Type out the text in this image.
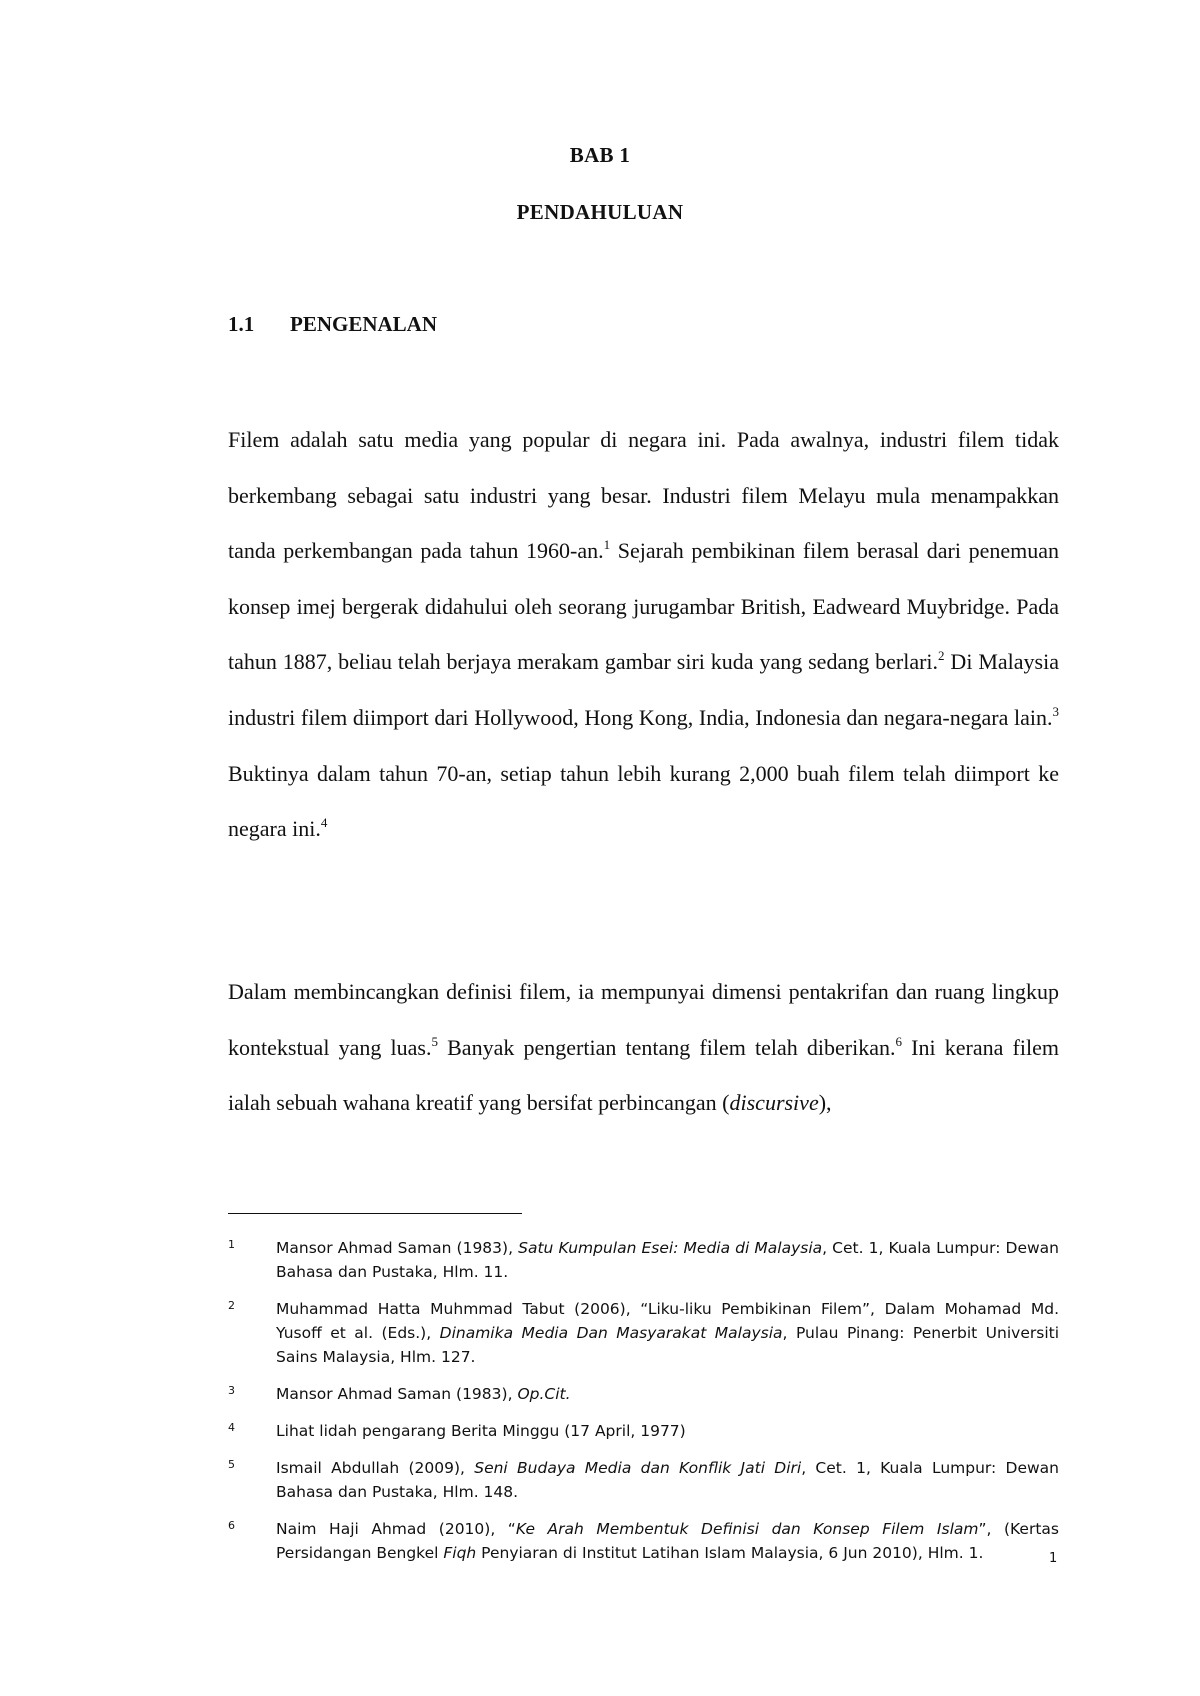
BAB 1
PENDAHULUAN
1.1 PENGENALAN

Filem adalah satu media yang popular di negara ini. Pada awalnya, industri filem tidak berkembang sebagai satu industri yang besar. Industri filem Melayu mula menampakkan tanda perkembangan pada tahun 1960-an.$^1$ Sejarah pembikinan filem berasal dari penemuan konsep imej bergerak didahului oleh seorang jurugambar British, Eadweard Muybridge. Pada tahun 1887, beliau telah berjaya merakam gambar siri kuda yang sedang berlari.$^2$ Di Malaysia industri filem diimport dari Hollywood, Hong Kong, India, Indonesia dan negara-negara lain.$^3$ Buktinya dalam tahun 70-an, setiap tahun lebih kurang 2,000 buah filem telah diimport ke negara ini.$^4$

Dalam membincangkan definisi filem, ia mempunyai dimensi pentakrifan dan ruang lingkup kontekstual yang luas.$^5$ Banyak pengertian tentang filem telah diberikan.$^6$ Ini kerana filem ialah sebuah wahana kreatif yang bersifat perbincangan (discursive),

1	Mansor Ahmad Saman (1983), Satu Kumpulan Esei: Media di Malaysia, Cet. 1, Kuala Lumpur: Dewan Bahasa dan Pustaka, Hlm. 11.
2	Muhammad Hatta Muhmmad Tabut (2006), “Liku-liku Pembikinan Filem”, Dalam Mohamad Md. Yusoff et al. (Eds.), Dinamika Media Dan Masyarakat Malaysia, Pulau Pinang: Penerbit Universiti Sains Malaysia, Hlm. 127.
3	Mansor Ahmad Saman (1983), Op.Cit.
4	Lihat lidah pengarang Berita Minggu (17 April, 1977)
5	Ismail Abdullah (2009), Seni Budaya Media dan Konflik Jati Diri, Cet. 1, Kuala Lumpur: Dewan Bahasa dan Pustaka, Hlm. 148.
6	Naim Haji Ahmad (2010), “Ke Arah Membentuk Definisi dan Konsep Filem Islam”, (Kertas Persidangan Bengkel Fiqh Penyiaran di Institut Latihan Islam Malaysia, 6 Jun 2010), Hlm. 1.	1
